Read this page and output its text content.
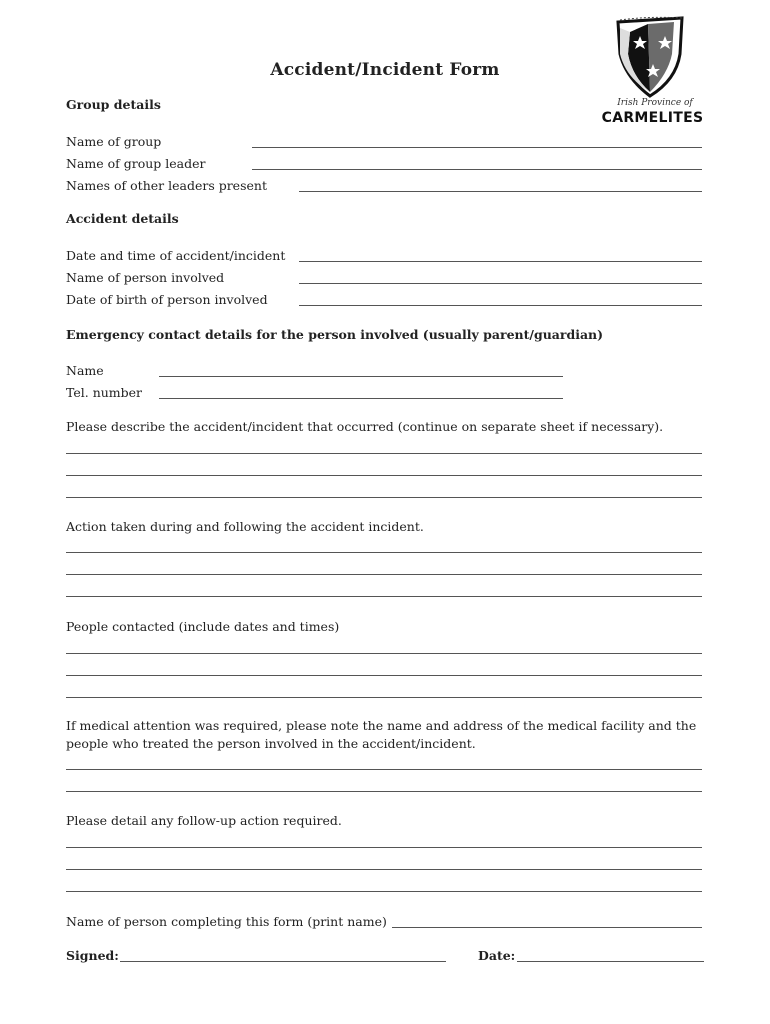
Irish Province of
CARMELITES
Accident/Incident Form
Group details
Name of group
Name of group leader
Names of other leaders present
Accident details
Date and time of accident/incident
Name of person involved
Date of birth of person involved
Emergency contact details for the person involved (usually parent/guardian)
Name
Tel. number
Please describe the accident/incident that occurred (continue on separate sheet if necessary).
Action taken during and following the accident incident.
People contacted (include dates and times)
If medical attention was required, please note the name and address of the medical facility and the people who treated the person involved in the accident/incident.
Please detail any follow-up action required.
Name of person completing this form (print name)
Signed:	Date:
